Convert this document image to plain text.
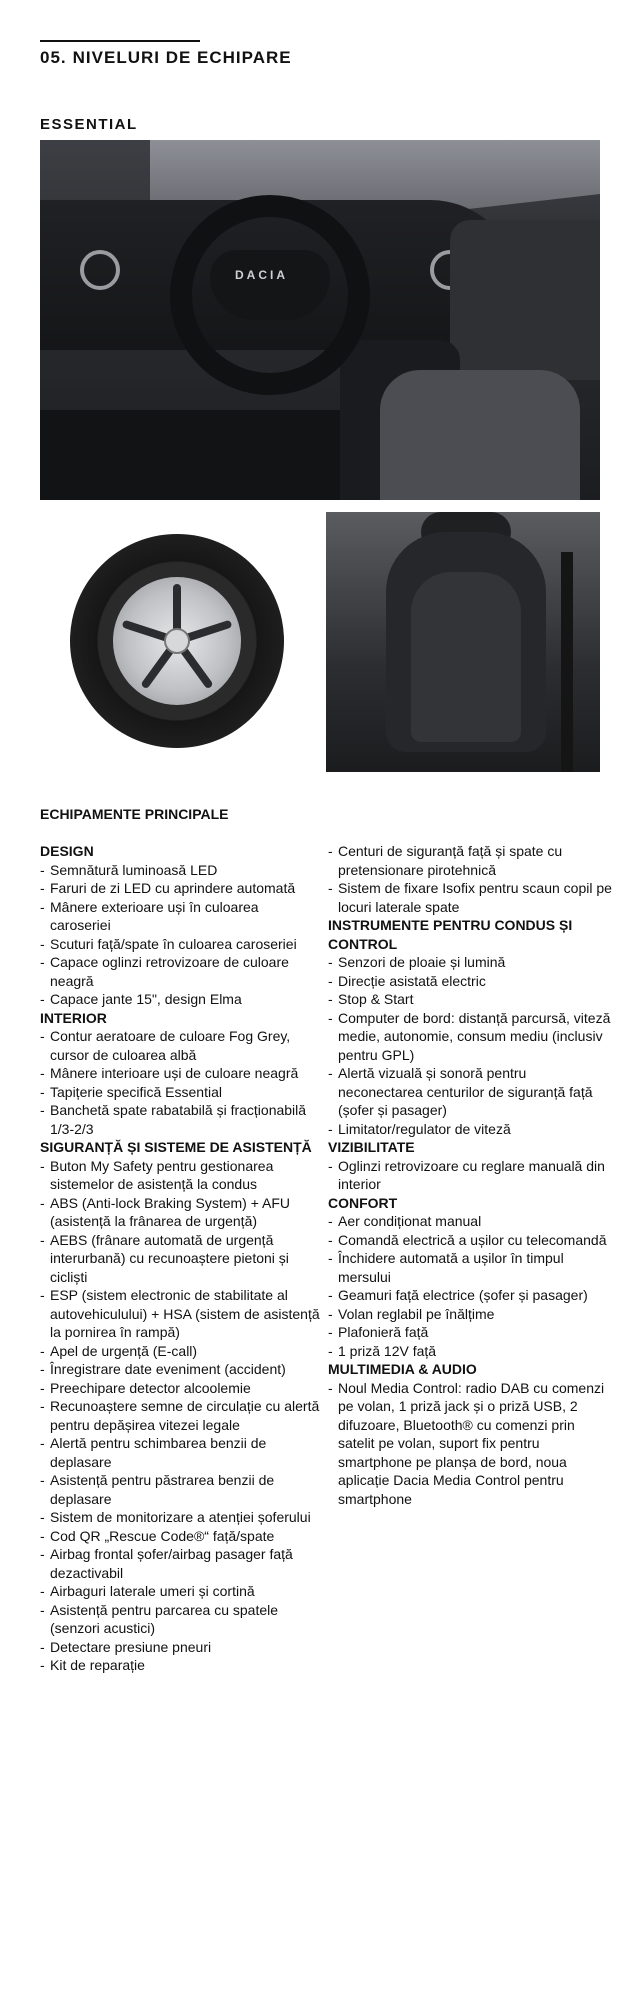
05. NIVELURI DE ECHIPARE
ESSENTIAL
DACIA
ECHIPAMENTE PRINCIPALE
DESIGN
- Semnătură luminoasă LED
- Faruri de zi LED cu aprindere automată
- Mânere exterioare uși în culoarea caroseriei
- Scuturi față/spate în culoarea caroseriei
- Capace oglinzi retrovizoare de culoare neagră
- Capace jante 15", design Elma
INTERIOR
- Contur aeratoare de culoare Fog Grey, cursor de culoarea albă
- Mânere interioare uși de culoare neagră
- Tapițerie specifică Essential
- Banchetă spate rabatabilă și fracționabilă 1/3-2/3
SIGURANȚĂ ȘI SISTEME DE ASISTENȚĂ
- Buton My Safety pentru gestionarea sistemelor de asistență la condus
- ABS (Anti-lock Braking System) + AFU (asistență la frânarea de urgență)
- AEBS (frânare automată de urgență interurbană) cu recunoaștere pietoni și cicliști
- ESP (sistem electronic de stabilitate al autovehiculului) + HSA (sistem de asistență la pornirea în rampă)
- Apel de urgență (E-call)
- Înregistrare date eveniment (accident)
- Preechipare detector alcoolemie
- Recunoaștere semne de circulație cu alertă pentru depășirea vitezei legale
- Alertă pentru schimbarea benzii de deplasare
- Asistență pentru păstrarea benzii de deplasare
- Sistem de monitorizare a atenției șoferului
- Cod QR „Rescue Code®“ față/spate
- Airbag frontal șofer/airbag pasager față dezactivabil
- Airbaguri laterale umeri și cortină
- Asistență pentru parcarea cu spatele (senzori acustici)
- Detectare presiune pneuri
- Kit de reparație
- Centuri de siguranță față și spate cu pretensionare pirotehnică
- Sistem de fixare Isofix pentru scaun copil pe locuri laterale spate
INSTRUMENTE PENTRU CONDUS ȘI CONTROL
- Senzori de ploaie și lumină
- Direcție asistată electric
- Stop & Start
- Computer de bord: distanță parcursă, viteză medie, autonomie, consum mediu (inclusiv pentru GPL)
- Alertă vizuală și sonoră pentru neconectarea centurilor de siguranță față (șofer și pasager)
- Limitator/regulator de viteză
VIZIBILITATE
- Oglinzi retrovizoare cu reglare manuală din interior
CONFORT
- Aer condiționat manual
- Comandă electrică a ușilor cu telecomandă
- Închidere automată a ușilor în timpul mersului
- Geamuri față electrice (șofer și pasager)
- Volan reglabil pe înălțime
- Plafonieră față
- 1 priză 12V față
MULTIMEDIA & AUDIO
- Noul Media Control: radio DAB cu comenzi pe volan, 1 priză jack și o priză USB, 2 difuzoare, Bluetooth® cu comenzi prin satelit pe volan, suport fix pentru smartphone pe planșa de bord, noua aplicație Dacia Media Control pentru smartphone
